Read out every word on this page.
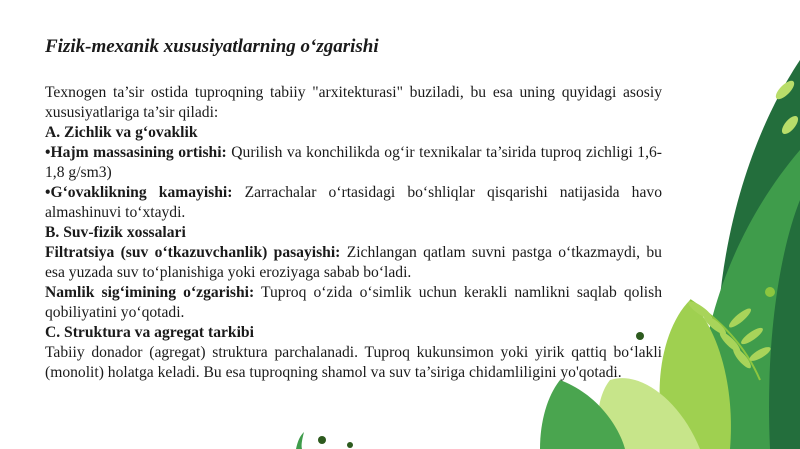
Fizik-mexanik xususiyatlarning o‘zgarishi

Texnogen ta’sir ostida tuproqning tabiiy "arxitekturasi" buziladi, bu esa uning quyidagi asosiy xususiyatlariga ta’sir qiladi:

A. Zichlik va g‘ovaklik

•Hajm massasining ortishi: Qurilish va konchilikda og‘ir texnikalar ta’sirida tuproq zichligi 1,6-1,8 g/sm3)

•G‘ovaklikning kamayishi: Zarrachalar o‘rtasidagi bo‘shliqlar qisqarishi natijasida havo almashinuvi to‘xtaydi.

B. Suv-fizik xossalari

Filtratsiya (suv o‘tkazuvchanlik) pasayishi: Zichlangan qatlam suvni pastga o‘tkazmaydi, bu esa yuzada suv to‘planishiga yoki eroziyaga sabab bo‘ladi.

Namlik sig‘imining o‘zgarishi: Tuproq o‘zida o‘simlik uchun kerakli namlikni saqlab qolish qobiliyatini yo‘qotadi.

C. Struktura va agregat tarkibi

Tabiiy donador (agregat) struktura parchalanadi. Tuproq kukunsimon yoki yirik qattiq bo‘lakli (monolit) holatga keladi. Bu esa tuproqning shamol va suv ta’siriga chidamliligini yo'qotadi.
